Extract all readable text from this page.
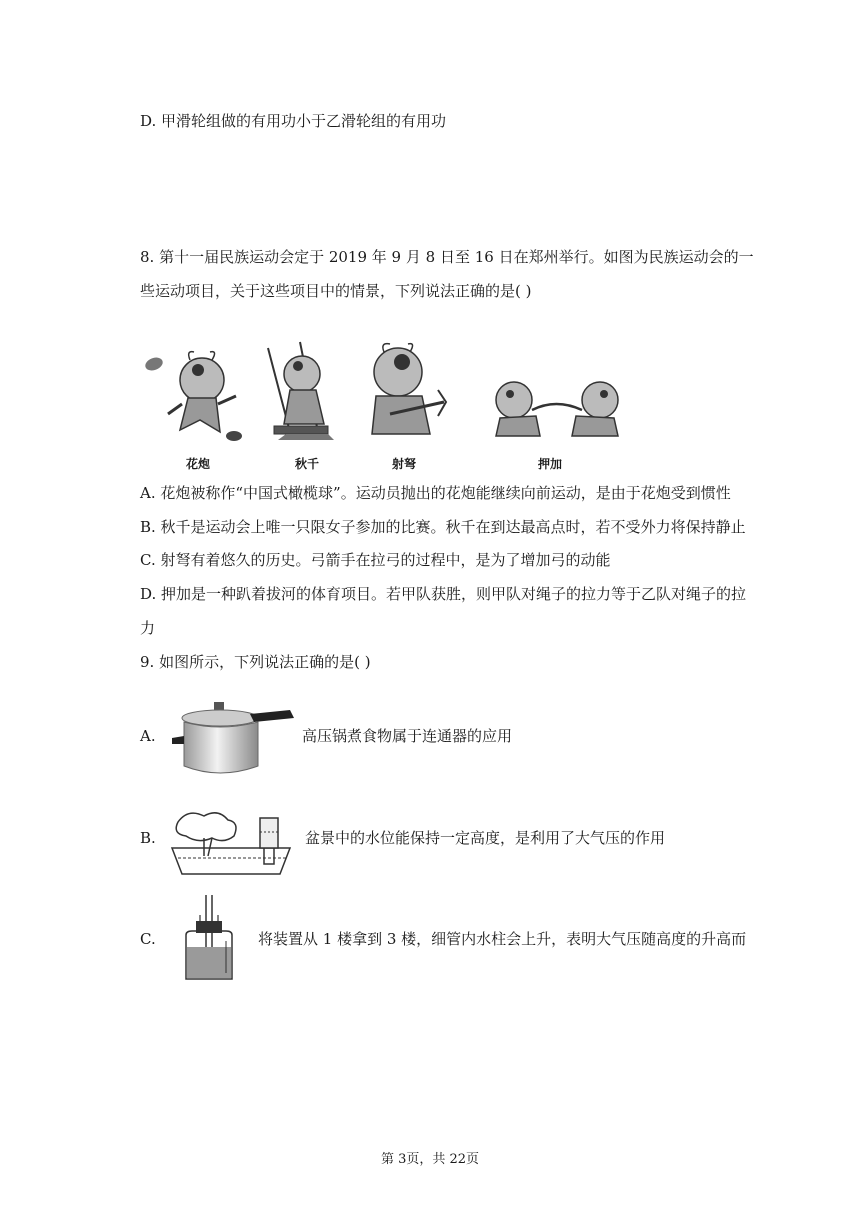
D. 甲滑轮组做的有用功小于乙滑轮组的有用功
8. 第十一届民族运动会定于 2019 年 9 月 8 日至 16 日在郑州举行。如图为民族运动会的一
些运动项目，关于这些项目中的情景，下列说法正确的是( )
花炮	秋千	射弩	押加
A. 花炮被称作“中国式橄榄球”。运动员抛出的花炮能继续向前运动，是由于花炮受到惯性
B. 秋千是运动会上唯一只限女子参加的比赛。秋千在到达最高点时，若不受外力将保持静止
C. 射弩有着悠久的历史。弓箭手在拉弓的过程中，是为了增加弓的动能
D. 押加是一种趴着拔河的体育项目。若甲队获胜，则甲队对绳子的拉力等于乙队对绳子的拉
力
9. 如图所示，下列说法正确的是( )
A.	高压锅煮食物属于连通器的应用
B.	盆景中的水位能保持一定高度，是利用了大气压的作用
C.	将装置从 1 楼拿到 3 楼，细管内水柱会上升，表明大气压随高度的升高而
第 3页，共 22页
